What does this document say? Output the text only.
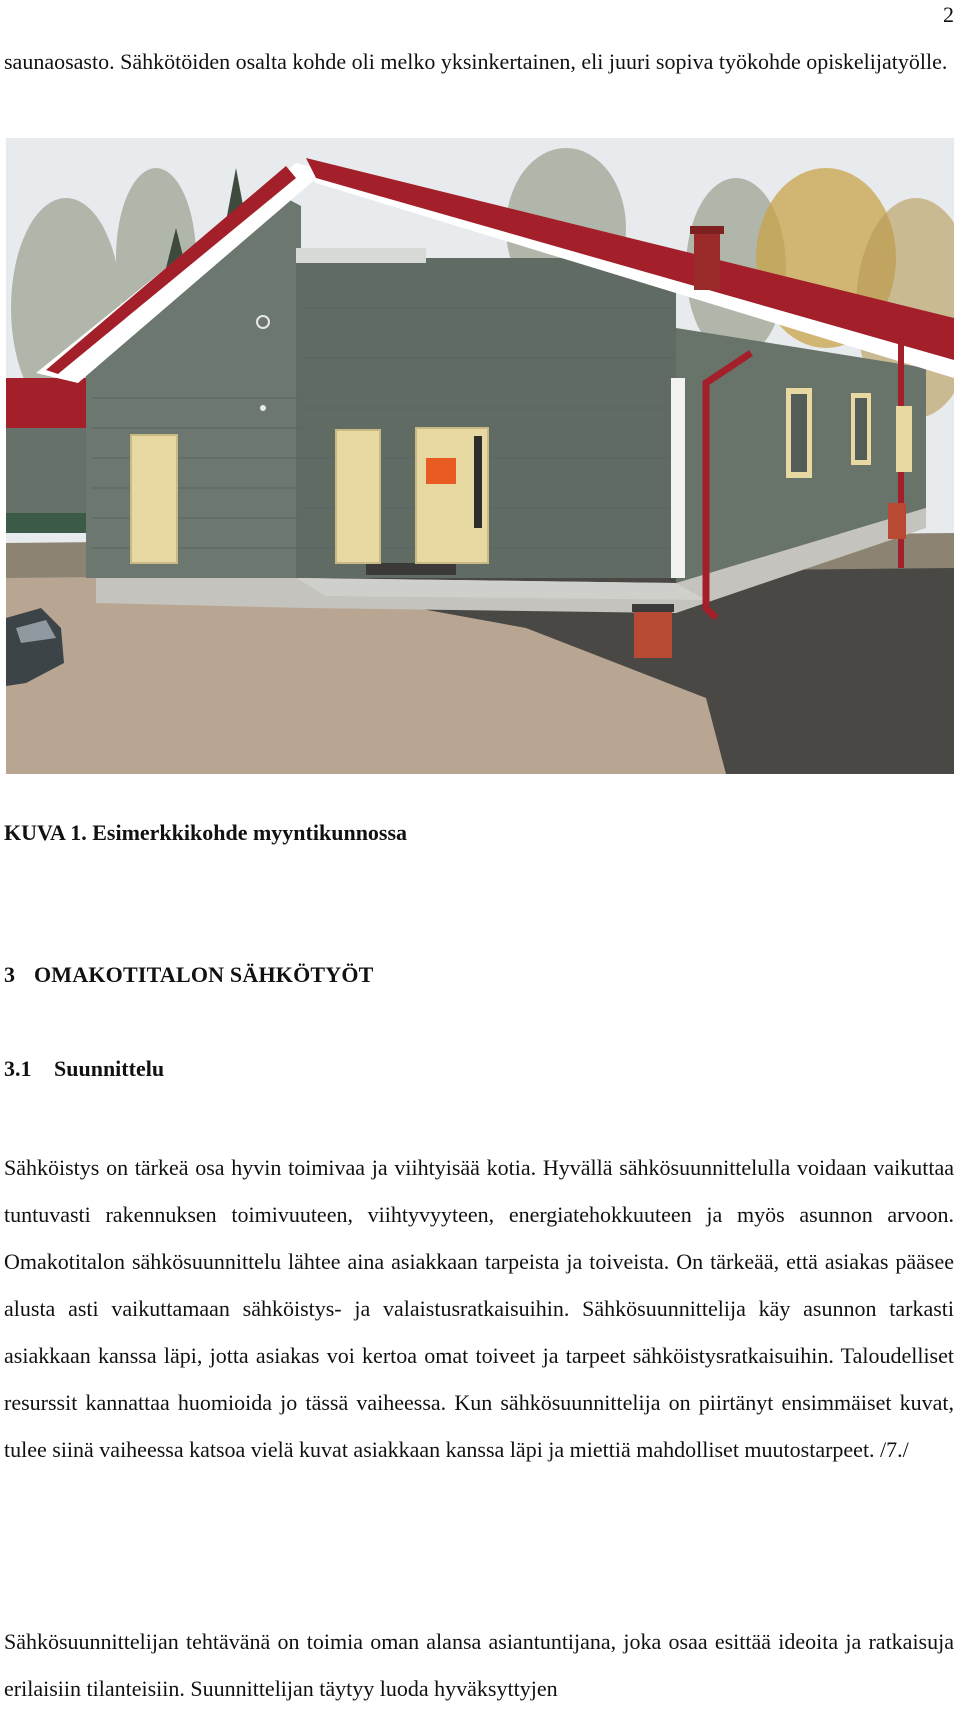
2

saunaosasto. Sähkötöiden osalta kohde oli melko yksinkertainen, eli juuri sopiva työkohde opiskelijatyölle.

KUVA 1. Esimerkkikohde myyntikunnossa
3 OMAKOTITALON SÄHKÖTYÖT
3.1 Suunnittelu

Sähköistys on tärkeä osa hyvin toimivaa ja viihtyisää kotia. Hyvällä sähkösuunnittelulla voidaan vaikuttaa tuntuvasti rakennuksen toimivuuteen, viihtyvyyteen, energiatehokkuuteen ja myös asunnon arvoon. Omakotitalon sähkösuunnittelu lähtee aina asiakkaan tarpeista ja toiveista. On tärkeää, että asiakas pääsee alusta asti vaikuttamaan sähköistys- ja valaistusratkaisuihin. Sähkösuunnittelija käy asunnon tarkasti asiakkaan kanssa läpi, jotta asiakas voi kertoa omat toiveet ja tarpeet sähköistysratkaisuihin. Taloudelliset resurssit kannattaa huomioida jo tässä vaiheessa. Kun sähkösuunnittelija on piirtänyt ensimmäiset kuvat, tulee siinä vaiheessa katsoa vielä kuvat asiakkaan kanssa läpi ja miettiä mahdolliset muutostarpeet. /7./

Sähkösuunnittelijan tehtävänä on toimia oman alansa asiantuntijana, joka osaa esittää ideoita ja ratkaisuja erilaisiin tilanteisiin. Suunnittelijan täytyy luoda hyväksyttyjen
